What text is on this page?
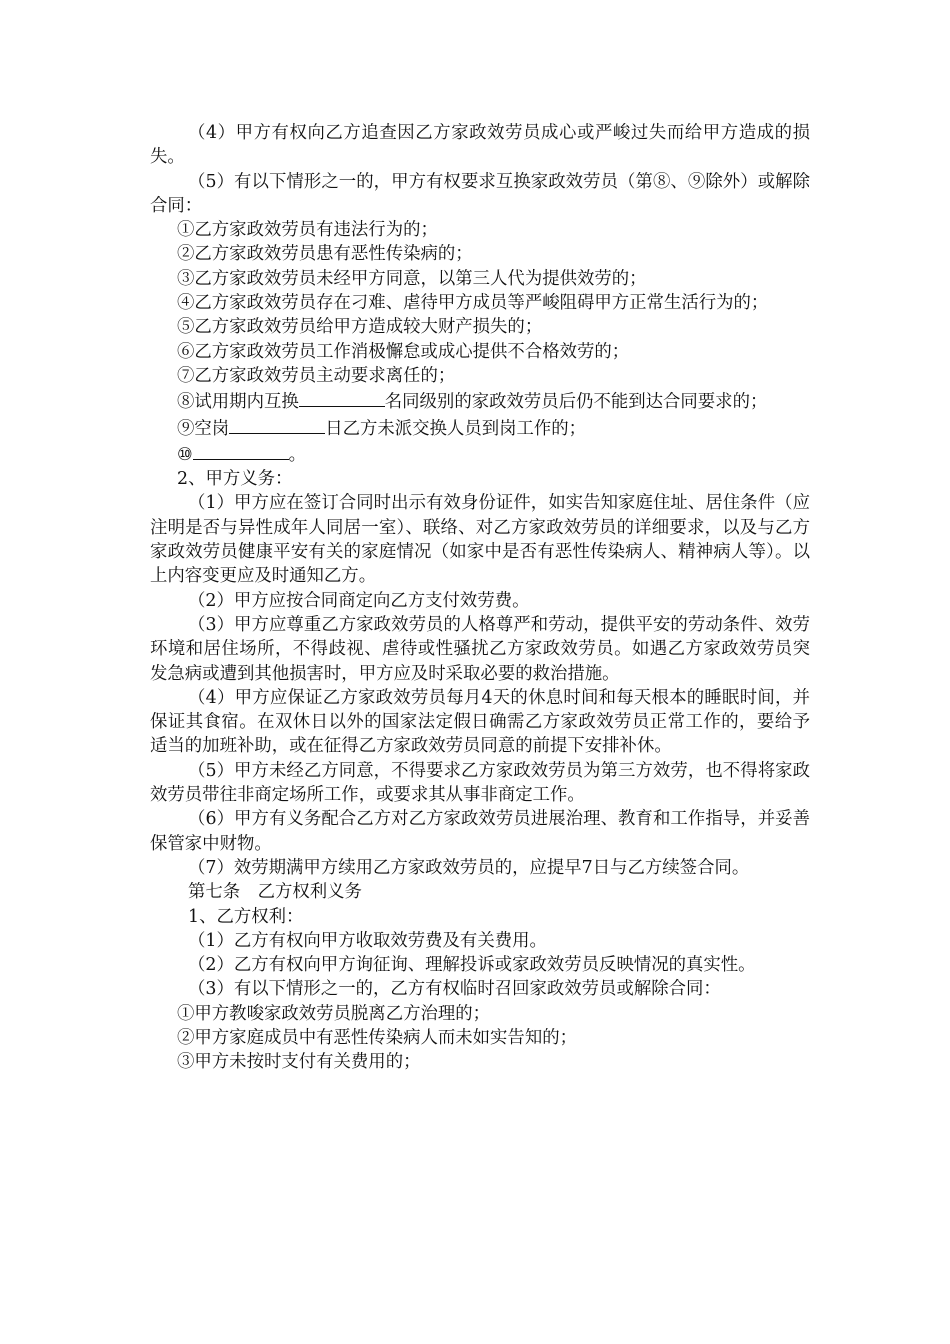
（4）甲方有权向乙方追查因乙方家政效劳员成心或严峻过失而给甲方造成的损失。

（5）有以下情形之一的，甲方有权要求互换家政效劳员（第⑧、⑨除外）或解除合同：

①乙方家政效劳员有违法行为的；

②乙方家政效劳员患有恶性传染病的；

③乙方家政效劳员未经甲方同意，以第三人代为提供效劳的；

④乙方家政效劳员存在刁难、虐待甲方成员等严峻阻碍甲方正常生活行为的；

⑤乙方家政效劳员给甲方造成较大财产损失的；

⑥乙方家政效劳员工作消极懈怠或成心提供不合格效劳的；

⑦乙方家政效劳员主动要求离任的；

⑧试用期内互换	名同级别的家政效劳员后仍不能到达合同要求的；

⑨空岗	日乙方未派交换人员到岗工作的；

⑩	。

2、甲方义务：

（1）甲方应在签订合同时出示有效身份证件，如实告知家庭住址、居住条件（应注明是否与异性成年人同居一室）、联络、对乙方家政效劳员的详细要求，以及与乙方家政效劳员健康平安有关的家庭情况（如家中是否有恶性传染病人、精神病人等）。以上内容变更应及时通知乙方。

（2）甲方应按合同商定向乙方支付效劳费。

（3）甲方应尊重乙方家政效劳员的人格尊严和劳动，提供平安的劳动条件、效劳环境和居住场所，不得歧视、虐待或性骚扰乙方家政效劳员。如遇乙方家政效劳员突发急病或遭到其他损害时，甲方应及时采取必要的救治措施。

（4）甲方应保证乙方家政效劳员每月4天的休息时间和每天根本的睡眠时间，并保证其食宿。在双休日以外的国家法定假日确需乙方家政效劳员正常工作的，要给予适当的加班补助，或在征得乙方家政效劳员同意的前提下安排补休。

（5）甲方未经乙方同意，不得要求乙方家政效劳员为第三方效劳，也不得将家政效劳员带往非商定场所工作，或要求其从事非商定工作。

（6）甲方有义务配合乙方对乙方家政效劳员进展治理、教育和工作指导，并妥善保管家中财物。

（7）效劳期满甲方续用乙方家政效劳员的，应提早7日与乙方续签合同。

第七条　乙方权利义务

1、乙方权利：

（1）乙方有权向甲方收取效劳费及有关费用。

（2）乙方有权向甲方询征询、理解投诉或家政效劳员反映情况的真实性。

（3）有以下情形之一的，乙方有权临时召回家政效劳员或解除合同：

①甲方教唆家政效劳员脱离乙方治理的；

②甲方家庭成员中有恶性传染病人而未如实告知的；

③甲方未按时支付有关费用的；
